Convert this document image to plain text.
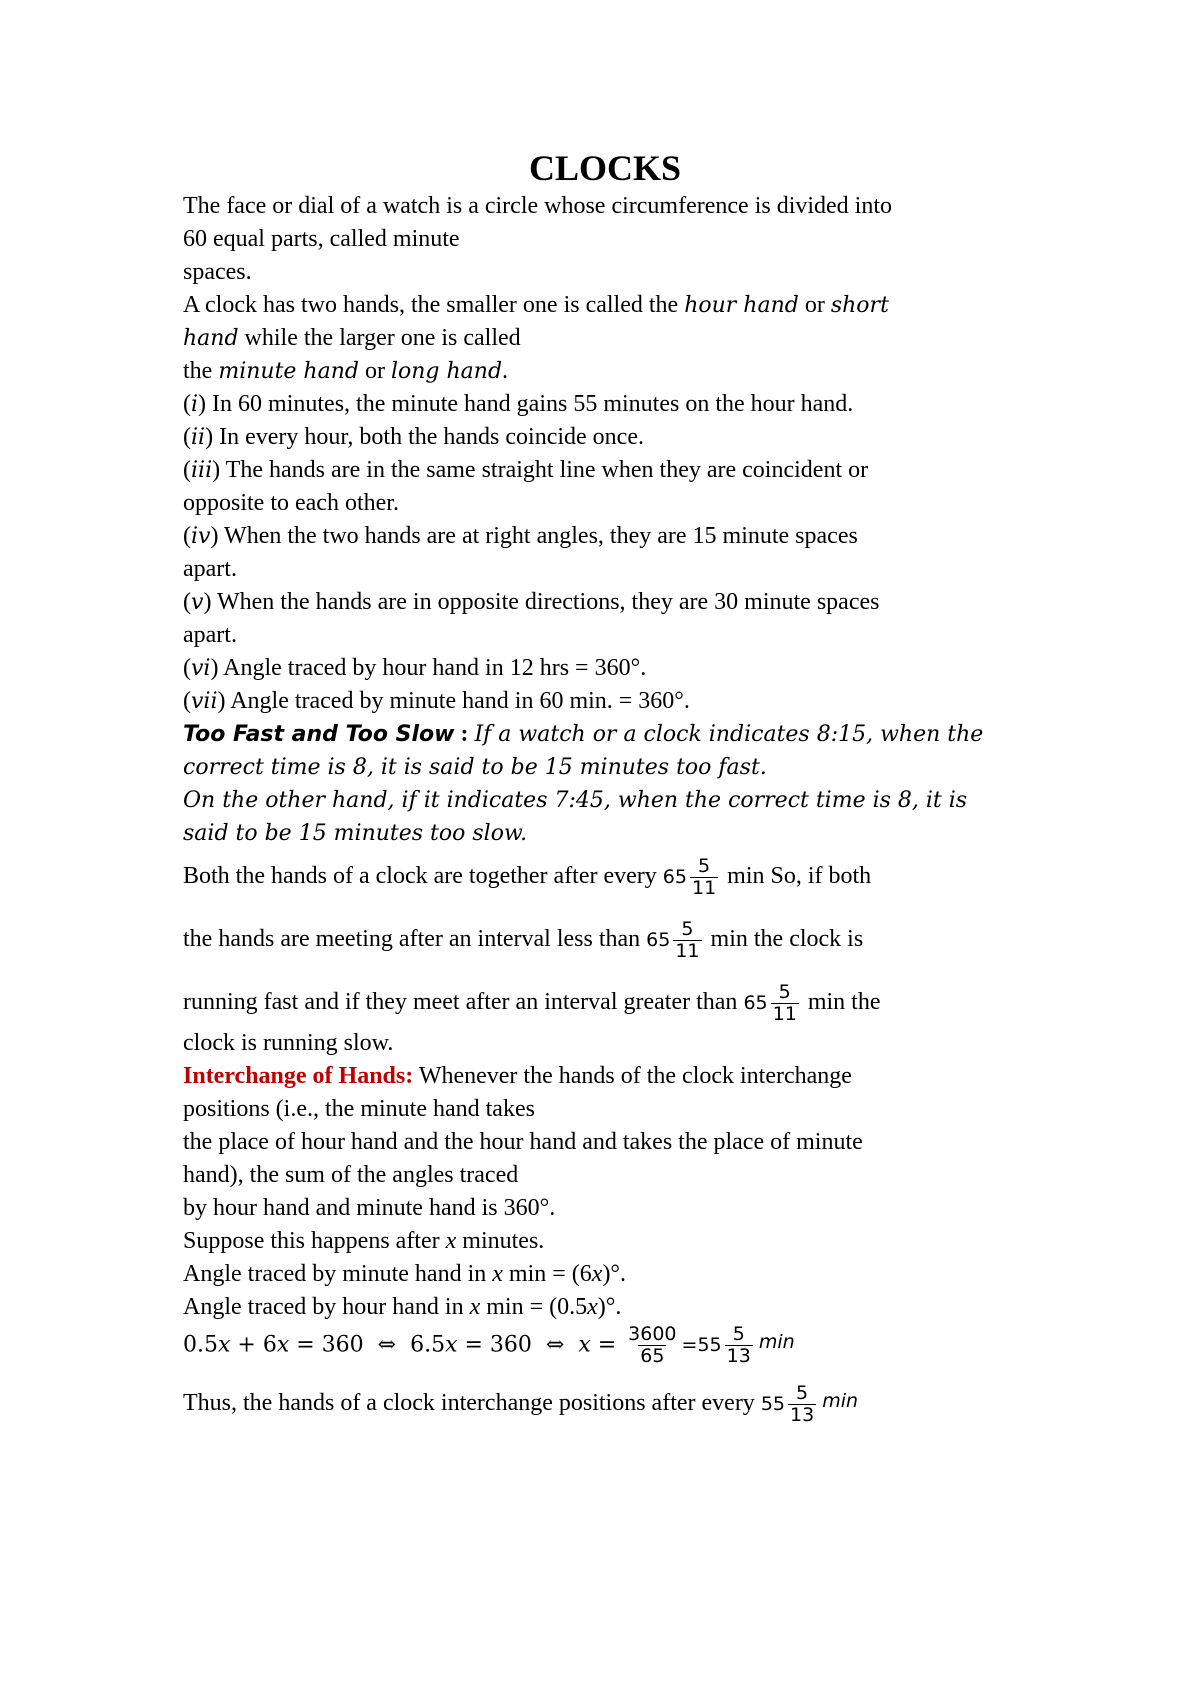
CLOCKS

The face or dial of a watch is a circle whose circumference is divided into

60 equal parts, called minute

spaces.

A clock has two hands, the smaller one is called the hour hand or short

hand while the larger one is called

the minute hand or long hand.

(i) In 60 minutes, the minute hand gains 55 minutes on the hour hand.

(ii) In every hour, both the hands coincide once.

(iii) The hands are in the same straight line when they are coincident or

opposite to each other.

(iv) When the two hands are at right angles, they are 15 minute spaces

apart.

(v) When the hands are in opposite directions, they are 30 minute spaces

apart.

(vi) Angle traced by hour hand in 12 hrs = 360°.

(vii) Angle traced by minute hand in 60 min. = 360°.

Too Fast and Too Slow : If a watch or a clock indicates 8:15, when the

correct time is 8, it is said to be 15 minutes too fast.

On the other hand, if it indicates 7:45, when the correct time is 8, it is

said to be 15 minutes too slow.

Both the hands of a clock are together after every $65 \frac{5}{11}$ min So, if both

the hands are meeting after an interval less than $65 \frac{5}{11}$ min the clock is

running fast and if they meet after an interval greater than $65 \frac{5}{11}$ min the

clock is running slow.

Interchange of Hands: Whenever the hands of the clock interchange

positions (i.e., the minute hand takes

the place of hour hand and the hour hand and takes the place of minute

hand), the sum of the angles traced

by hour hand and minute hand is 360°.

Suppose this happens after x minutes.

Angle traced by minute hand in x min = (6x)°.

Angle traced by hour hand in x min = (0.5x)°.

0.5x + 6x = 360  ⇔  6.5x = 360  ⇔  $x = \frac{3600}{65} =55 \frac{5}{13}$ min

Thus, the hands of a clock interchange positions after every $55 \frac{5}{13}$ min
